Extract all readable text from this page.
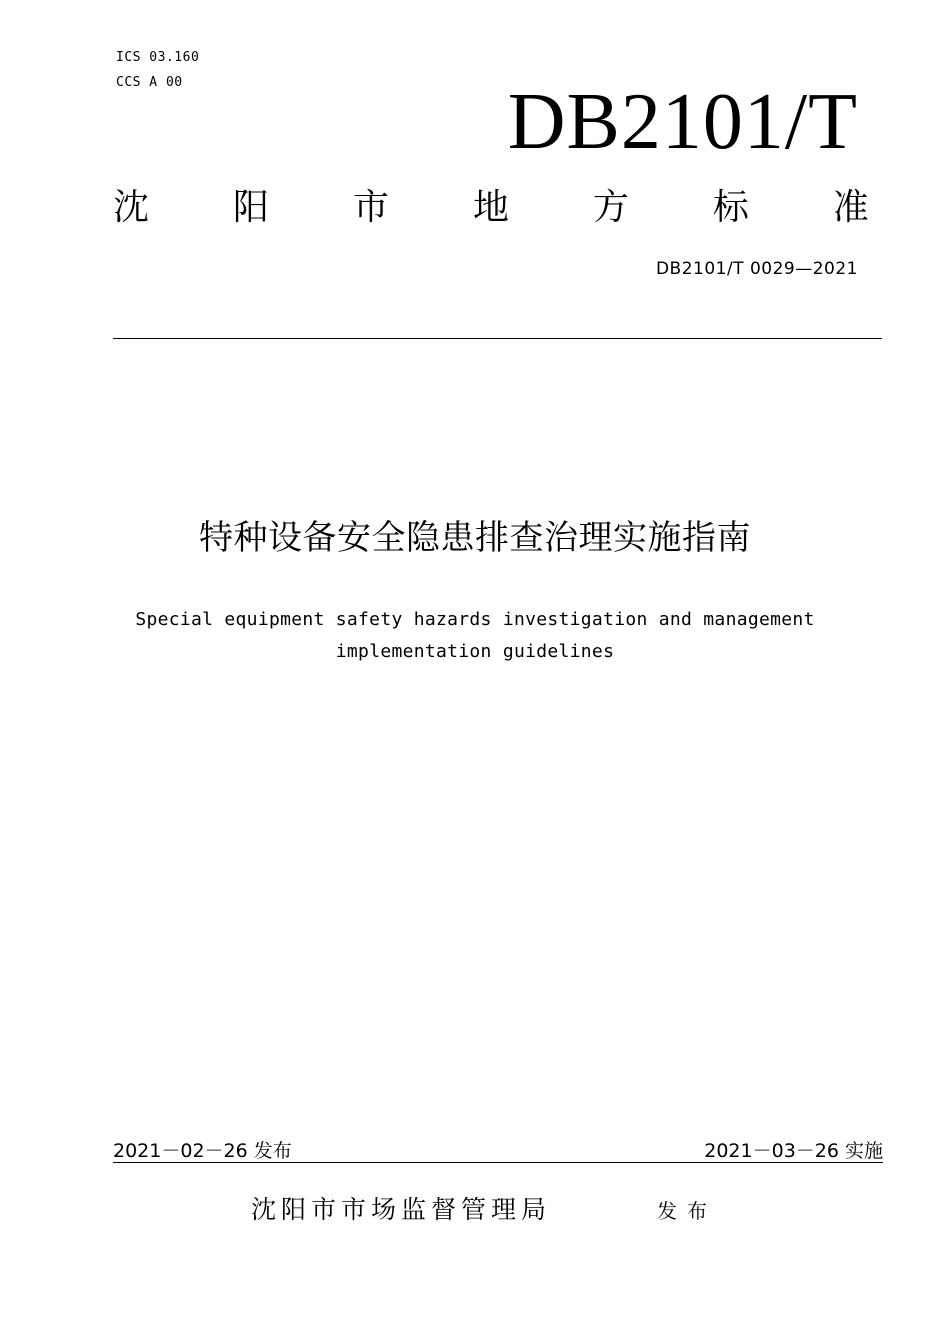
ICS 03.160
CCS A 00	DB2101/T
沈 阳 市 地 方 标 准
DB2101/T 0029—2021
特种设备安全隐患排查治理实施指南
Special equipment safety hazards investigation and management
implementation guidelines
2021－02－26 发布	2021－03－26 实施
沈阳市市场监督管理局	发布
